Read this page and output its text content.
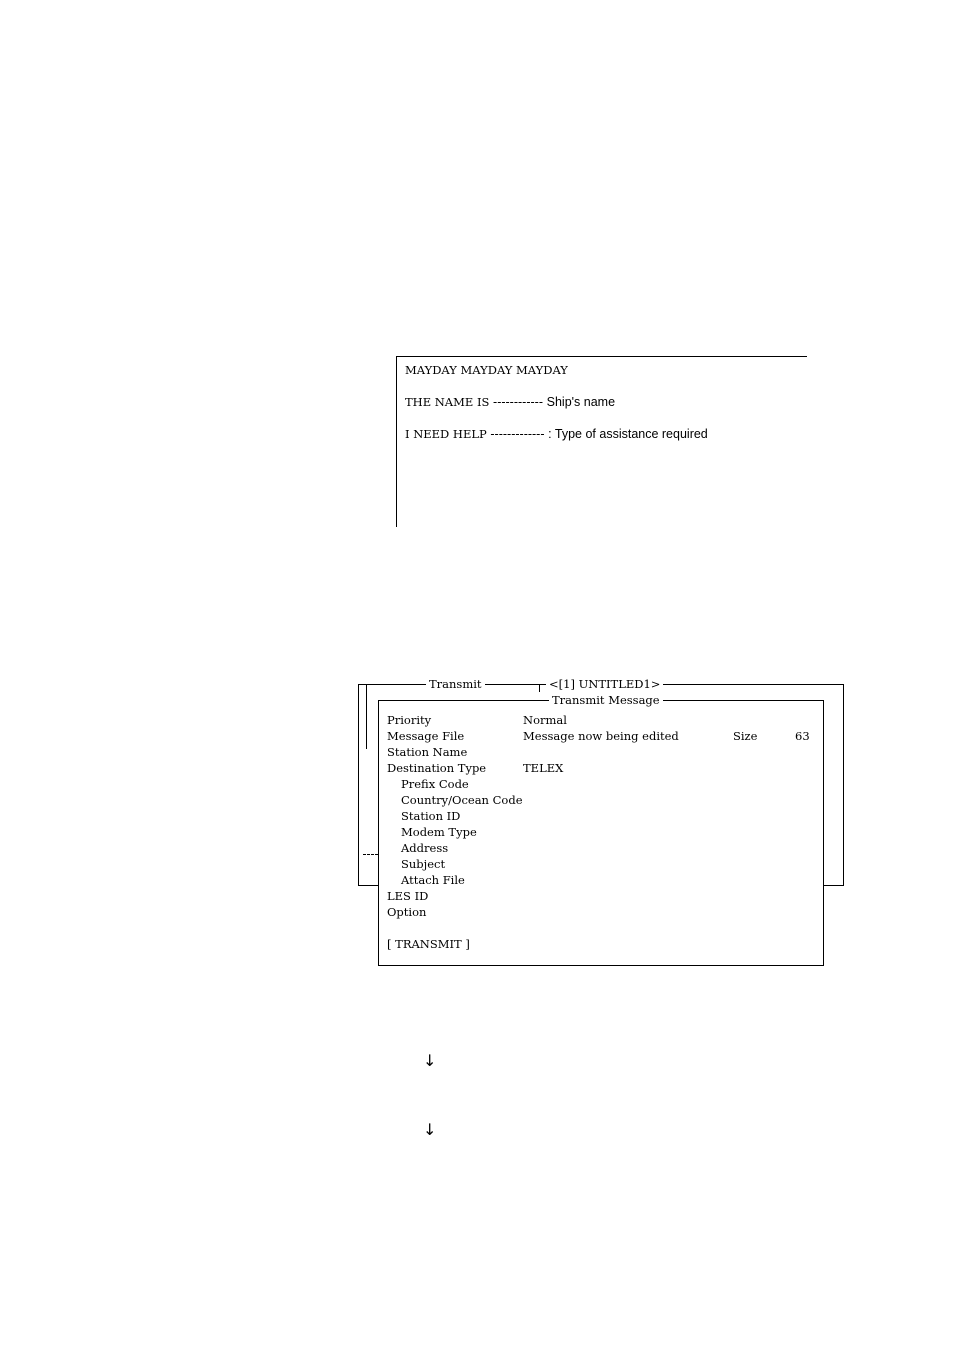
MAYDAY MAYDAY MAYDAY
THE NAME IS ------------ Ship's name
I NEED HELP ------------- : Type of assistance required
Transmit	<[1] UNTITLED1>
Transmit Message
Priority	Normal
Message File	Message now being edited	Size	63
Station Name
Destination Type	TELEX
Prefix Code
Country/Ocean Code
Station ID
Modem Type
Address
Subject
Attach File
LES ID
Option
[ TRANSMIT ]
↓
↓
